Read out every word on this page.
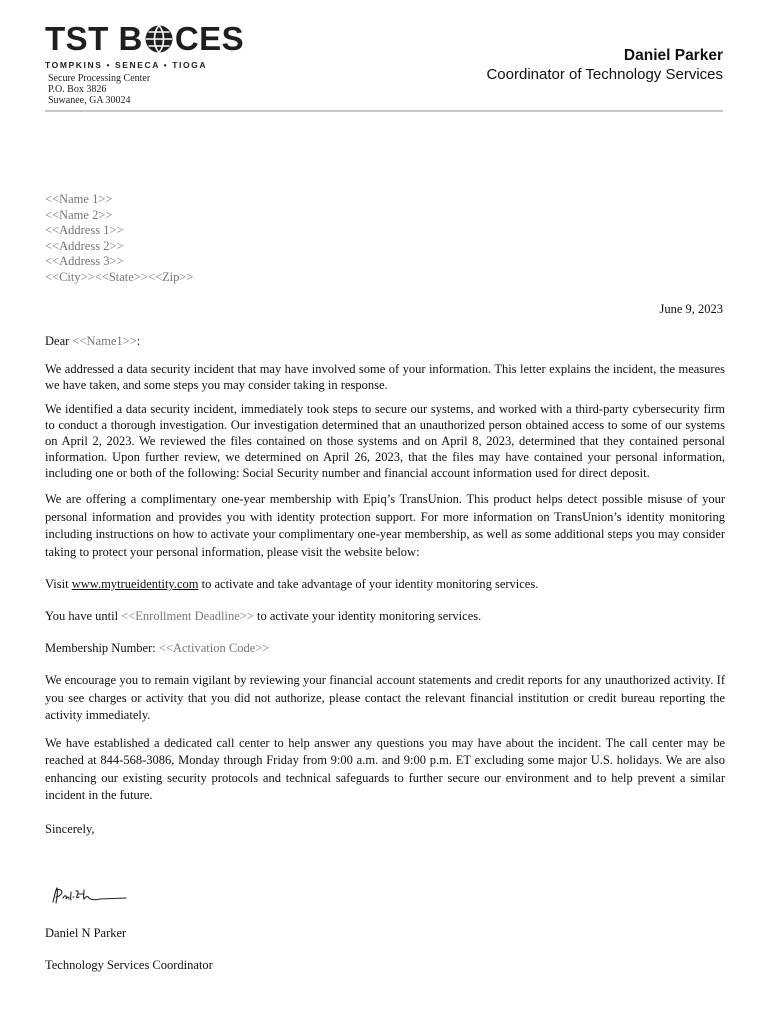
TST B CES
TOMPKINS • SENECA • TIOGA
Secure Processing Center
P.O. Box 3826
Suwanee, GA 30024
Daniel Parker
Coordinator of Technology Services
<<Name 1>>
<<Name 2>>
<<Address 1>>
<<Address 2>>
<<Address 3>>
<<City>><<State>><<Zip>>
June 9, 2023

Dear <<Name1>>:

We addressed a data security incident that may have involved some of your information. This letter explains the incident, the measures we have taken, and some steps you may consider taking in response.

We identified a data security incident, immediately took steps to secure our systems, and worked with a third-party cybersecurity firm to conduct a thorough investigation. Our investigation determined that an unauthorized person obtained access to some of our systems on April 2, 2023. We reviewed the files contained on those systems and on April 8, 2023, determined that they contained personal information. Upon further review, we determined on April 26, 2023, that the files may have contained your personal information, including one or both of the following: Social Security number and financial account information used for direct deposit.

We are offering a complimentary one-year membership with Epiq’s TransUnion. This product helps detect possible misuse of your personal information and provides you with identity protection support. For more information on TransUnion’s identity monitoring including instructions on how to activate your complimentary one-year membership, as well as some additional steps you may consider taking to protect your personal information, please visit the website below:

Visit www.mytrueidentity.com to activate and take advantage of your identity monitoring services.

You have until <<Enrollment Deadline>> to activate your identity monitoring services.

Membership Number: <<Activation Code>>

We encourage you to remain vigilant by reviewing your financial account statements and credit reports for any unauthorized activity. If you see charges or activity that you did not authorize, please contact the relevant financial institution or credit bureau reporting the activity immediately.

We have established a dedicated call center to help answer any questions you may have about the incident. The call center may be reached at 844-568-3086, Monday through Friday from 9:00 a.m. and 9:00 p.m. ET excluding some major U.S. holidays. We are also enhancing our existing security protocols and technical safeguards to further secure our environment and to help prevent a similar incident in the future.

Sincerely,

Daniel N Parker
Technology Services Coordinator
